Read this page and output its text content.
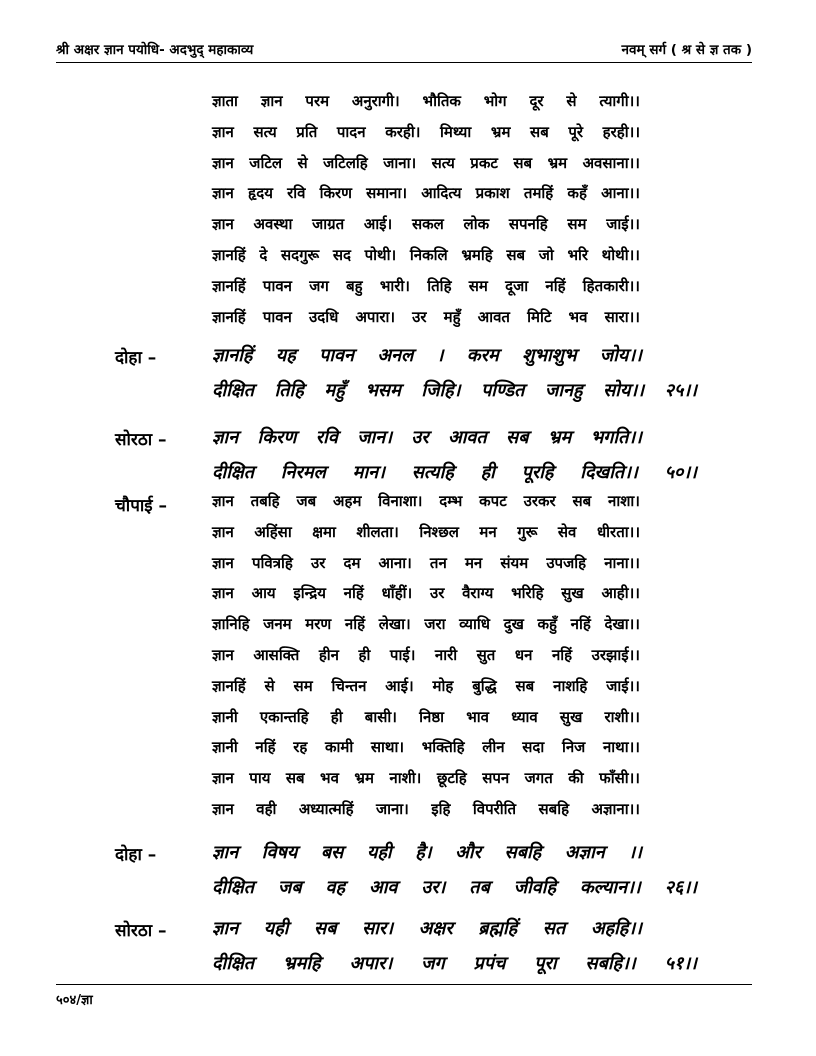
श्री अक्षर ज्ञान पयोधि- अदभुद् महाकाव्य	नवम् सर्ग ( श्र से ज्ञ तक )
ज्ञाता ज्ञान परम अनुरागी। भौतिक भोग दूर से त्यागी।।
ज्ञान सत्य प्रति पादन करही। मिथ्या भ्रम सब पूरे हरही।।
ज्ञान जटिल से जटिलहि जाना। सत्य प्रकट सब भ्रम अवसाना।।
ज्ञान हृदय रवि किरण समाना। आदित्य प्रकाश तमहिं कहँ आना।।
ज्ञान अवस्था जाग्रत आई। सकल लोक सपनहि सम जाई।।
ज्ञानहिं दे सदगुरू सद पोथी। निकलि भ्रमहि सब जो भरि थोथी।।
ज्ञानहिं पावन जग बहु भारी। तिहि सम दूजा नहिं हितकारी।।
ज्ञानहिं पावन उदधि अपारा। उर महुँ आवत मिटि भव सारा।।
दोहा –	ज्ञानहिं यह पावन अनल । करम शुभाशुभ जोय।।
दीक्षित तिहि महुँ भसम जिहि। पण्डित जानहु सोय।। २५।।
सोरठा –	ज्ञान किरण रवि जान। उर आवत सब भ्रम भगति।।
दीक्षित निरमल मान। सत्यहि ही पूरहि दिखति।। ५०।।
चौपाई –	ज्ञान तबहि जब अहम विनाशा। दम्भ कपट उरकर सब नाशा।
ज्ञान अहिंसा क्षमा शीलता। निश्छल मन गुरू सेव धीरता।।
ज्ञान पवित्रहि उर दम आना। तन मन संयम उपजहि नाना।।
ज्ञान आय इन्द्रिय नहिं धाँहीं। उर वैराग्य भरिहि सुख आही।।
ज्ञानिहि जनम मरण नहिं लेखा। जरा व्याधि दुख कहुँ नहिं देखा।।
ज्ञान आसक्ति हीन ही पाई। नारी सुत धन नहिं उरझाई।।
ज्ञानहिं से सम चिन्तन आई। मोह बुद्धि सब नाशहि जाई।।
ज्ञानी एकान्तहि ही बासी। निष्ठा भाव ध्याव सुख राशी।।
ज्ञानी नहिं रह कामी साथा। भक्तिहि लीन सदा निज नाथा।।
ज्ञान पाय सब भव भ्रम नाशी। छूटहि सपन जगत की फाँसी।।
ज्ञान वही अध्यात्महिं जाना। इहि विपरीति सबहि अज्ञाना।।
दोहा –	ज्ञान विषय बस यही है। और सबहि अज्ञान ।।
दीक्षित जब वह आव उर। तब जीवहि कल्यान।। २६।।
सोरठा –	ज्ञान यही सब सार। अक्षर ब्रह्महिं सत अहहि।।
दीक्षित भ्रमहि अपार। जग प्रपंच पूरा सबहि।। ५१।।
५०४/ज्ञा
